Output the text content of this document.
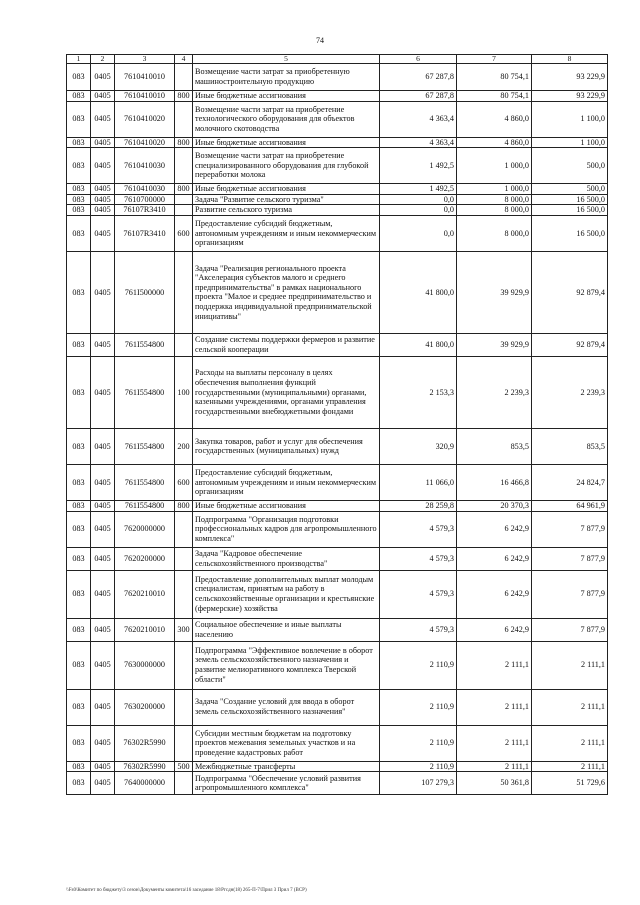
74
1	2	3	4	5	6	7	8
083	0405	7610410010		Возмещение части затрат за приобретенную машиностроительную продукцию	67 287,8	80 754,1	93 229,9
083	0405	7610410010	800	Иные бюджетные ассигнования	67 287,8	80 754,1	93 229,9
083	0405	7610410020		Возмещение части затрат на приобретение технологического оборудования для объектов молочного скотоводства	4 363,4	4 860,0	1 100,0
083	0405	7610410020	800	Иные бюджетные ассигнования	4 363,4	4 860,0	1 100,0
083	0405	7610410030		Возмещение части затрат на приобретение специализированного оборудования для глубокой переработки молока	1 492,5	1 000,0	500,0
083	0405	7610410030	800	Иные бюджетные ассигнования	1 492,5	1 000,0	500,0
083	0405	7610700000		Задача "Развитие сельского туризма"	0,0	8 000,0	16 500,0
083	0405	76107R3410		Развитие сельского туризма	0,0	8 000,0	16 500,0
083	0405	76107R3410	600	Предоставление субсидий бюджетным, автономным учреждениям и иным некоммерческим организациям	0,0	8 000,0	16 500,0
083	0405	761I500000		Задача "Реализация регионального проекта "Акселерация субъектов малого и среднего предпринимательства" в рамках национального проекта "Малое и среднее предпринимательство и поддержка индивидуальной предпринимательской инициативы"	41 800,0	39 929,9	92 879,4
083	0405	761I554800		Создание системы поддержки фермеров и развитие сельской кооперации	41 800,0	39 929,9	92 879,4
083	0405	761I554800	100	Расходы на выплаты персоналу в целях обеспечения выполнения функций государственными (муниципальными) органами, казенными учреждениями, органами управления государственными внебюджетными фондами	2 153,3	2 239,3	2 239,3
083	0405	761I554800	200	Закупка товаров, работ и услуг для обеспечения государственных (муниципальных) нужд	320,9	853,5	853,5
083	0405	761I554800	600	Предоставление субсидий бюджетным, автономным учреждениям и иным некоммерческим организациям	11 066,0	16 466,8	24 824,7
083	0405	761I554800	800	Иные бюджетные ассигнования	28 259,8	20 370,3	64 961,9
083	0405	7620000000		Подпрограмма "Организация подготовки профессиональных кадров для агропромышленного комплекса"	4 579,3	6 242,9	7 877,9
083	0405	7620200000		Задача "Кадровое обеспечение сельскохозяйственного производства"	4 579,3	6 242,9	7 877,9
083	0405	7620210010		Предоставление дополнительных выплат молодым специалистам, принятым на работу в сельскохозяйственные организации и крестьянские (фермерские) хозяйства	4 579,3	6 242,9	7 877,9
083	0405	7620210010	300	Социальное обеспечение и иные выплаты населению	4 579,3	6 242,9	7 877,9
083	0405	7630000000		Подпрограмма "Эффективное вовлечение в оборот земель сельскохозяйственного назначения и развитие мелиоративного комплекса Тверской области"	2 110,9	2 111,1	2 111,1
083	0405	7630200000		Задача "Создание условий для ввода в оборот земель сельскохозяйственного назначения"	2 110,9	2 111,1	2 111,1
083	0405	76302R5990		Субсидии местным бюджетам на подготовку проектов межевания земельных участков и на проведение кадастровых работ	2 110,9	2 111,1	2 111,1
083	0405	76302R5990	500	Межбюджетные трансферты	2 110,9	2 111,1	2 111,1
083	0405	7640000000		Подпрограмма "Обеспечение условий развития агропромышленного комплекса"	107 279,3	50 361,8	51 729,6
\\Fs0\Комитет по бюджету\3 сезон\Документы комитета\16 заседание 18\Ргсдн(18) 265-П-7\Прил 3 Прил 7 (ВСР)
